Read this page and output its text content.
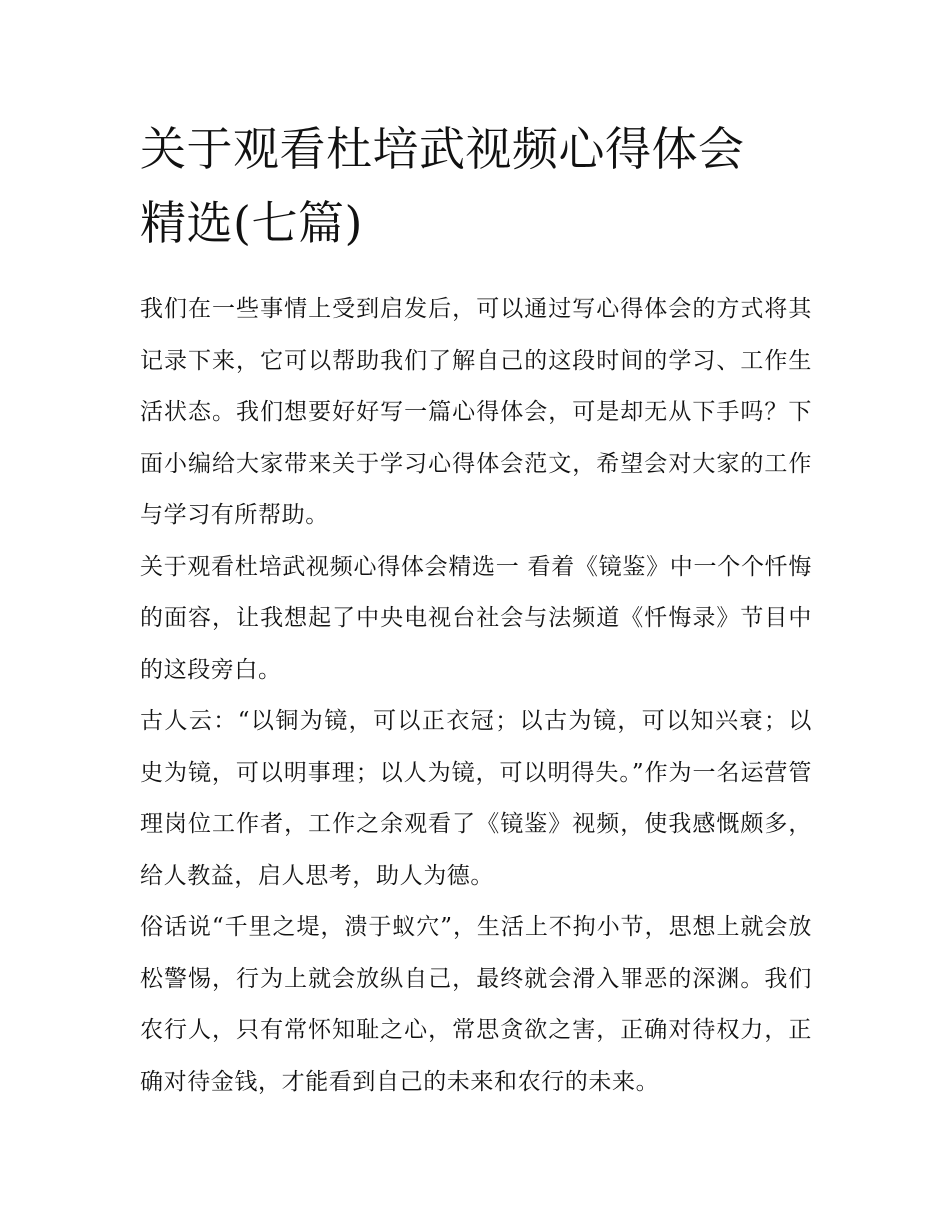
关于观看杜培武视频心得体会
精选(七篇)

我们在一些事情上受到启发后，可以通过写心得体会的方式将其记录下来，它可以帮助我们了解自己的这段时间的学习、工作生活状态。我们想要好好写一篇心得体会，可是却无从下手吗？下面小编给大家带来关于学习心得体会范文，希望会对大家的工作与学习有所帮助。

关于观看杜培武视频心得体会精选一 看着《镜鉴》中一个个忏悔的面容，让我想起了中央电视台社会与法频道《忏悔录》节目中的这段旁白。

古人云：“以铜为镜，可以正衣冠；以古为镜，可以知兴衰；以史为镜，可以明事理；以人为镜，可以明得失。”作为一名运营管理岗位工作者，工作之余观看了《镜鉴》视频，使我感慨颇多，给人教益，启人思考，助人为德。

俗话说“千里之堤，溃于蚁穴”，生活上不拘小节，思想上就会放松警惕，行为上就会放纵自己，最终就会滑入罪恶的深渊。我们农行人，只有常怀知耻之心，常思贪欲之害，正确对待权力，正确对待金钱，才能看到自己的未来和农行的未来。
